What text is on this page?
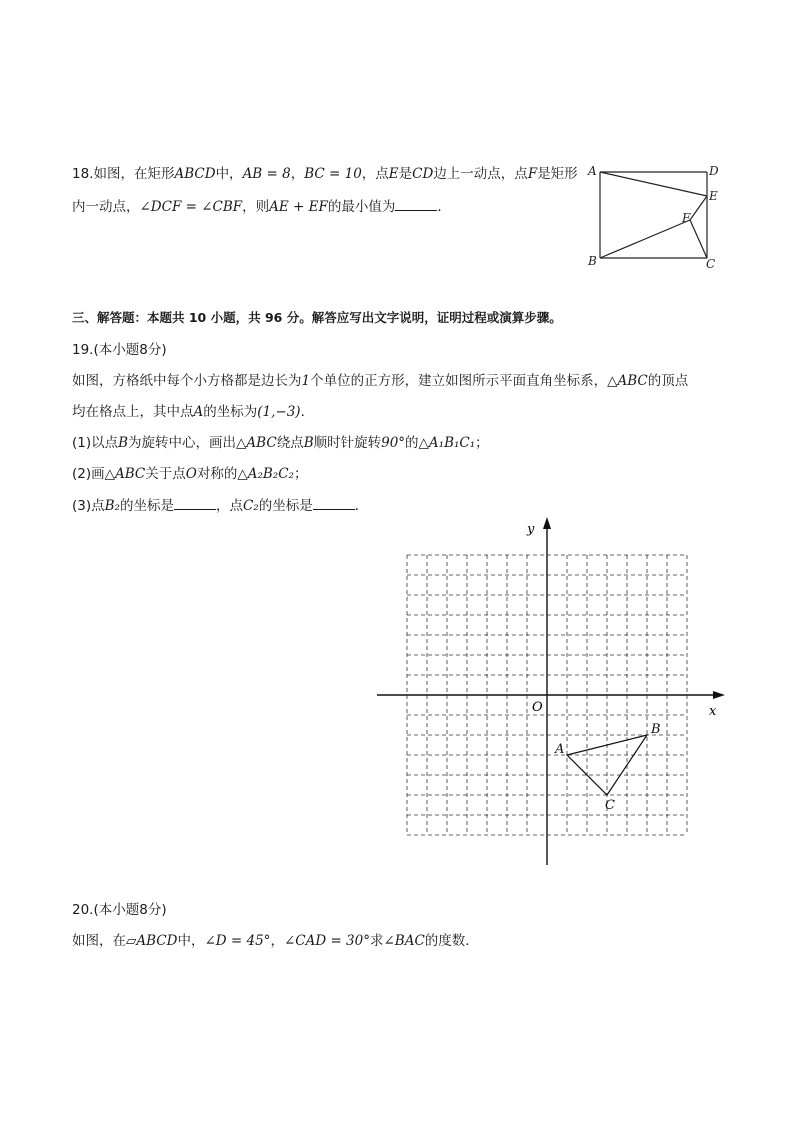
18.如图，在矩形ABCD中，AB = 8，BC = 10，点E是CD边上一动点，点F是矩形
内一动点，∠DCF = ∠CBF，则AE + EF的最小值为	．
A	D
E
F
B	C
三、解答题：本题共 10 小题，共 96 分。解答应写出文字说明，证明过程或演算步骤。
19.(本小题8分)
如图，方格纸中每个小方格都是边长为1个单位的正方形，建立如图所示平面直角坐标系，△ABC的顶点
均在格点上，其中点A的坐标为(1,−3)．
(1)以点B为旋转中心，画出△ABC绕点B顺时针旋转90°的△A₁B₁C₁；
(2)画△ABC关于点O对称的△A₂B₂C₂；
(3)点B₂的坐标是	，点C₂的坐标是	．
A
B
C
x
y
O
20.(本小题8分)
如图，在▱ABCD中，∠D = 45°，∠CAD = 30°求∠BAC的度数．
